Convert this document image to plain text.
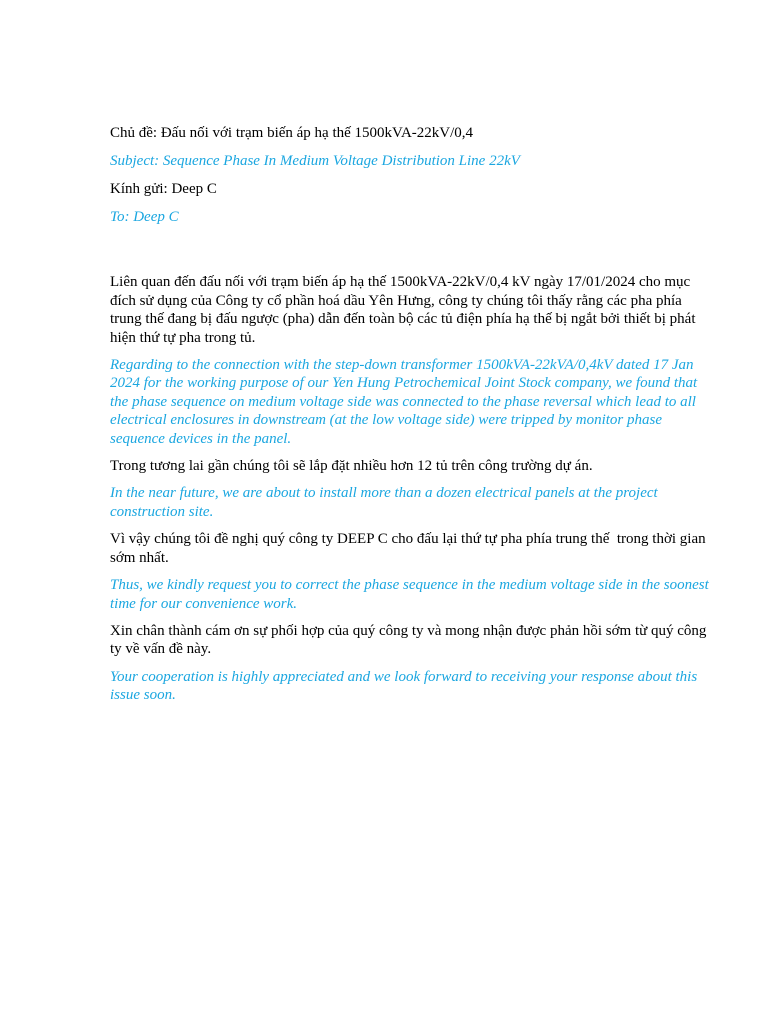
Chủ đề: Đấu nối với trạm biến áp hạ thế 1500kVA-22kV/0,4

Subject: Sequence Phase In Medium Voltage Distribution Line 22kV

Kính gửi: Deep C

To: Deep C

Liên quan đến đấu nối với trạm biến áp hạ thế 1500kVA-22kV/0,4 kV ngày 17/01/2024 cho mục đích sử dụng của Công ty cổ phần hoá dầu Yên Hưng, công ty chúng tôi thấy rằng các pha phía trung thế đang bị đấu ngược (pha) dẫn đến toàn bộ các tủ điện phía hạ thế bị ngắt bởi thiết bị phát hiện thứ tự pha trong tủ.

Regarding to the connection with the step-down transformer 1500kVA-22kVA/0,4kV dated 17 Jan 2024 for the working purpose of our Yen Hung Petrochemical Joint Stock company, we found that the phase sequence on medium voltage side was connected to the phase reversal which lead to all electrical enclosures in downstream (at the low voltage side) were tripped by monitor phase sequence devices in the panel.

Trong tương lai gần chúng tôi sẽ lắp đặt nhiều hơn 12 tủ trên công trường dự án.

In the near future, we are about to install more than a dozen electrical panels at the project construction site.

Vì vậy chúng tôi đề nghị quý công ty DEEP C cho đấu lại thứ tự pha phía trung thế  trong thời gian sớm nhất.

Thus, we kindly request you to correct the phase sequence in the medium voltage side in the soonest time for our convenience work.

Xin chân thành cám ơn sự phối hợp của quý công ty và mong nhận được phản hồi sớm từ quý công ty về vấn đề này.

Your cooperation is highly appreciated and we look forward to receiving your response about this issue soon.
